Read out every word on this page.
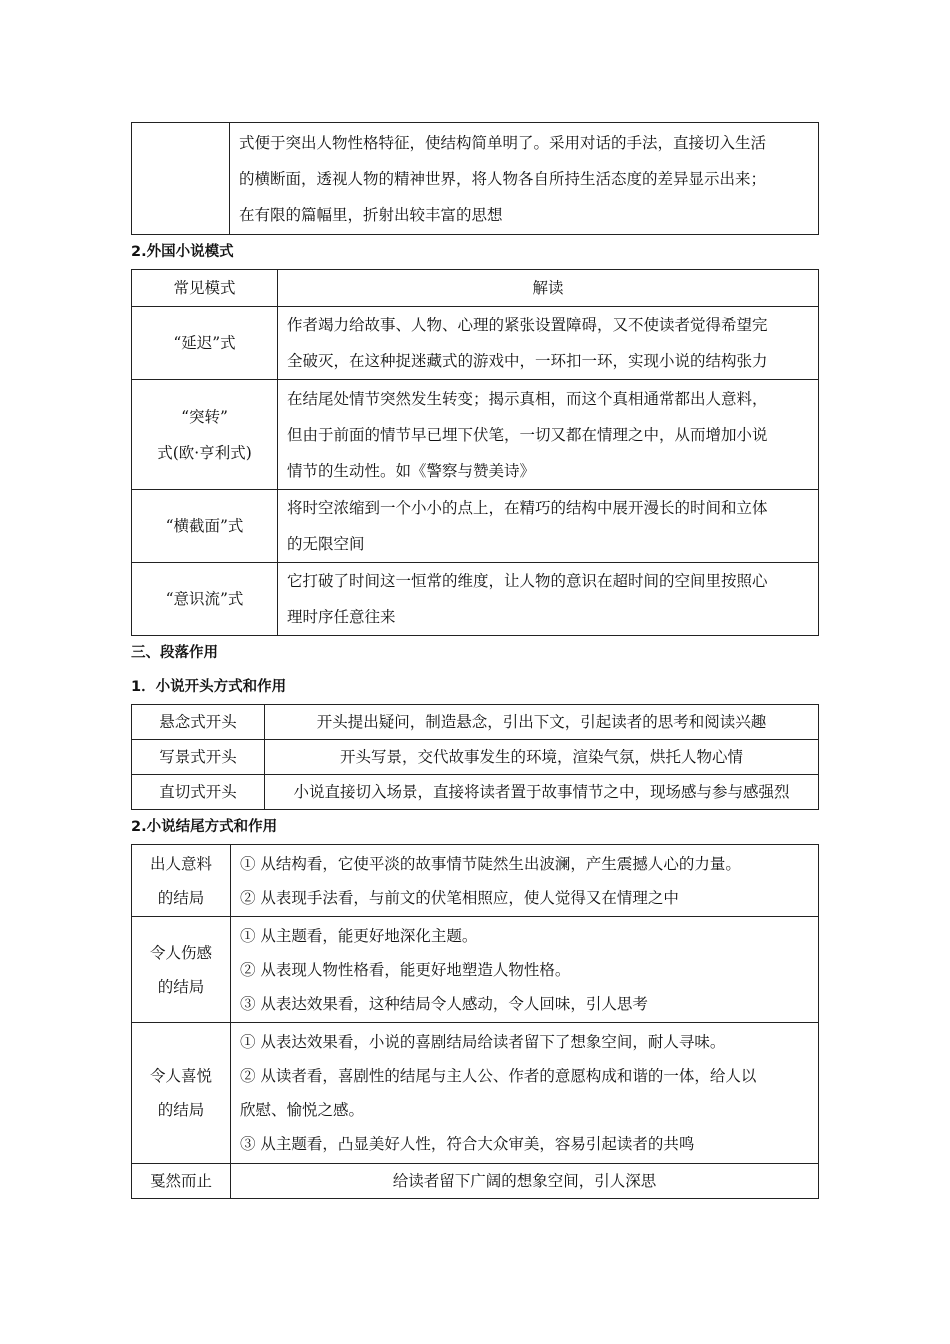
式便于突出人物性格特征，使结构简单明了。采用对话的手法，直接切入生活
的横断面，透视人物的精神世界，将人物各自所持生活态度的差异显示出来；
在有限的篇幅里，折射出较丰富的思想
2.外国小说模式
常见模式	解读
“延迟”式	作者竭力给故事、人物、心理的紧张设置障碍，又不使读者觉得希望完
全破灭，在这种捉迷藏式的游戏中，一环扣一环，实现小说的结构张力

“突转”
式(欧·亨利式)	在结尾处情节突然发生转变；揭示真相，而这个真相通常都出人意料，
但由于前面的情节早已埋下伏笔，一切又都在情理之中，从而增加小说
情节的生动性。如《警察与赞美诗》

“横截面”式	将时空浓缩到一个小小的点上，在精巧的结构中展开漫长的时间和立体
的无限空间

“意识流”式	它打破了时间这一恒常的维度，让人物的意识在超时间的空间里按照心
理时序任意往来
三、段落作用
1．小说开头方式和作用
悬念式开头	开头提出疑问，制造悬念，引出下文，引起读者的思考和阅读兴趣
写景式开头	开头写景，交代故事发生的环境，渲染气氛，烘托人物心情
直切式开头	小说直接切入场景，直接将读者置于故事情节之中，现场感与参与感强烈
2.小说结尾方式和作用
出人意料
的结局	① 从结构看，它使平淡的故事情节陡然生出波澜，产生震撼人心的力量。
② 从表现手法看，与前文的伏笔相照应，使人觉得又在情理之中

令人伤感
的结局	① 从主题看，能更好地深化主题。
② 从表现人物性格看，能更好地塑造人物性格。
③ 从表达效果看，这种结局令人感动，令人回味，引人思考

令人喜悦
的结局	① 从表达效果看，小说的喜剧结局给读者留下了想象空间，耐人寻味。
② 从读者看，喜剧性的结尾与主人公、作者的意愿构成和谐的一体，给人以
欣慰、愉悦之感。
③ 从主题看，凸显美好人性，符合大众审美，容易引起读者的共鸣

戛然而止	给读者留下广阔的想象空间，引人深思
